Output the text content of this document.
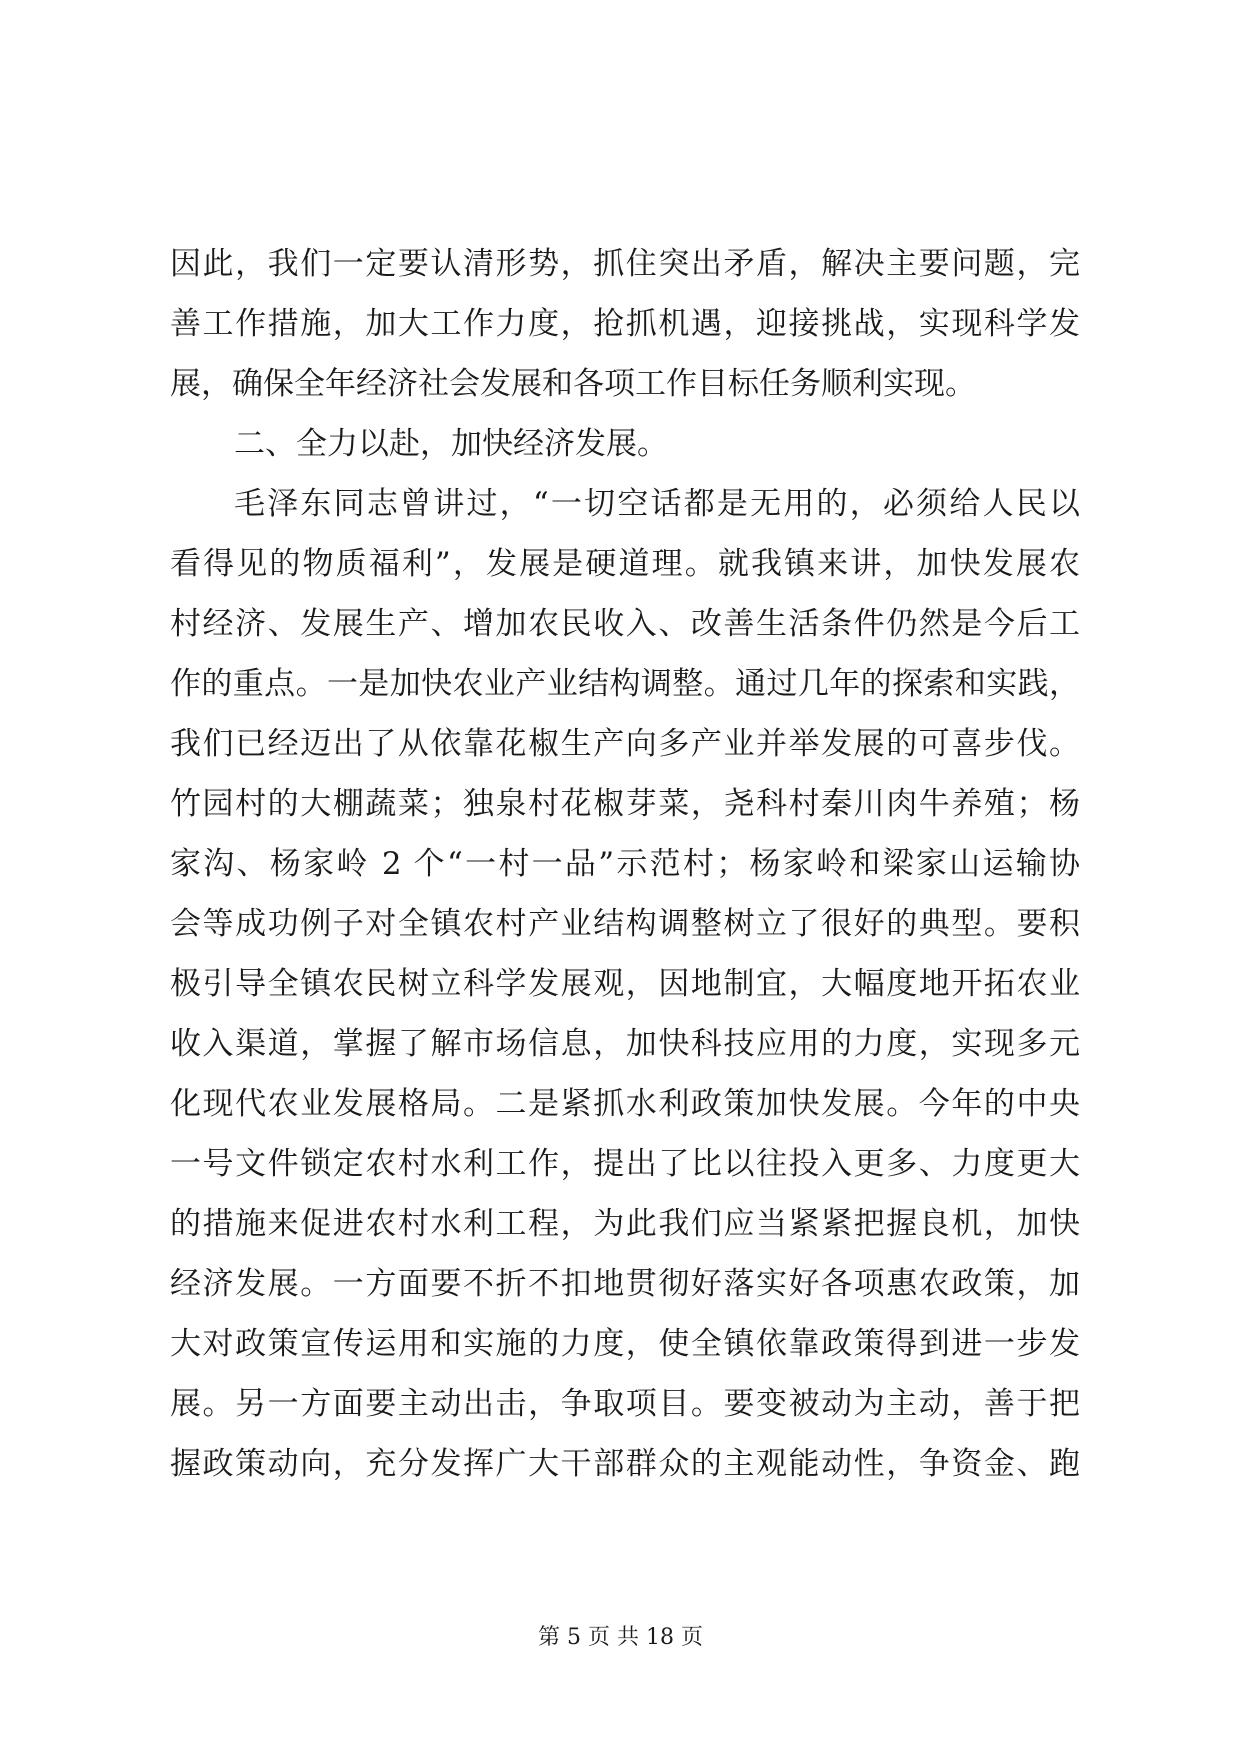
因此，我们一定要认清形势，抓住突出矛盾，解决主要问题，完
善工作措施，加大工作力度，抢抓机遇，迎接挑战，实现科学发
展，确保全年经济社会发展和各项工作目标任务顺利实现。
二、全力以赴，加快经济发展。
毛泽东同志曾讲过，“一切空话都是无用的，必须给人民以
看得见的物质福利”，发展是硬道理。就我镇来讲，加快发展农
村经济、发展生产、增加农民收入、改善生活条件仍然是今后工
作的重点。一是加快农业产业结构调整。通过几年的探索和实践，
我们已经迈出了从依靠花椒生产向多产业并举发展的可喜步伐。
竹园村的大棚蔬菜；独泉村花椒芽菜，尧科村秦川肉牛养殖；杨
家沟、杨家岭 2 个“一村一品”示范村；杨家岭和梁家山运输协
会等成功例子对全镇农村产业结构调整树立了很好的典型。要积
极引导全镇农民树立科学发展观，因地制宜，大幅度地开拓农业
收入渠道，掌握了解市场信息，加快科技应用的力度，实现多元
化现代农业发展格局。二是紧抓水利政策加快发展。今年的中央
一号文件锁定农村水利工作，提出了比以往投入更多、力度更大
的措施来促进农村水利工程，为此我们应当紧紧把握良机，加快
经济发展。一方面要不折不扣地贯彻好落实好各项惠农政策，加
大对政策宣传运用和实施的力度，使全镇依靠政策得到进一步发
展。另一方面要主动出击，争取项目。要变被动为主动，善于把
握政策动向，充分发挥广大干部群众的主观能动性，争资金、跑
第 5 页 共 18 页
